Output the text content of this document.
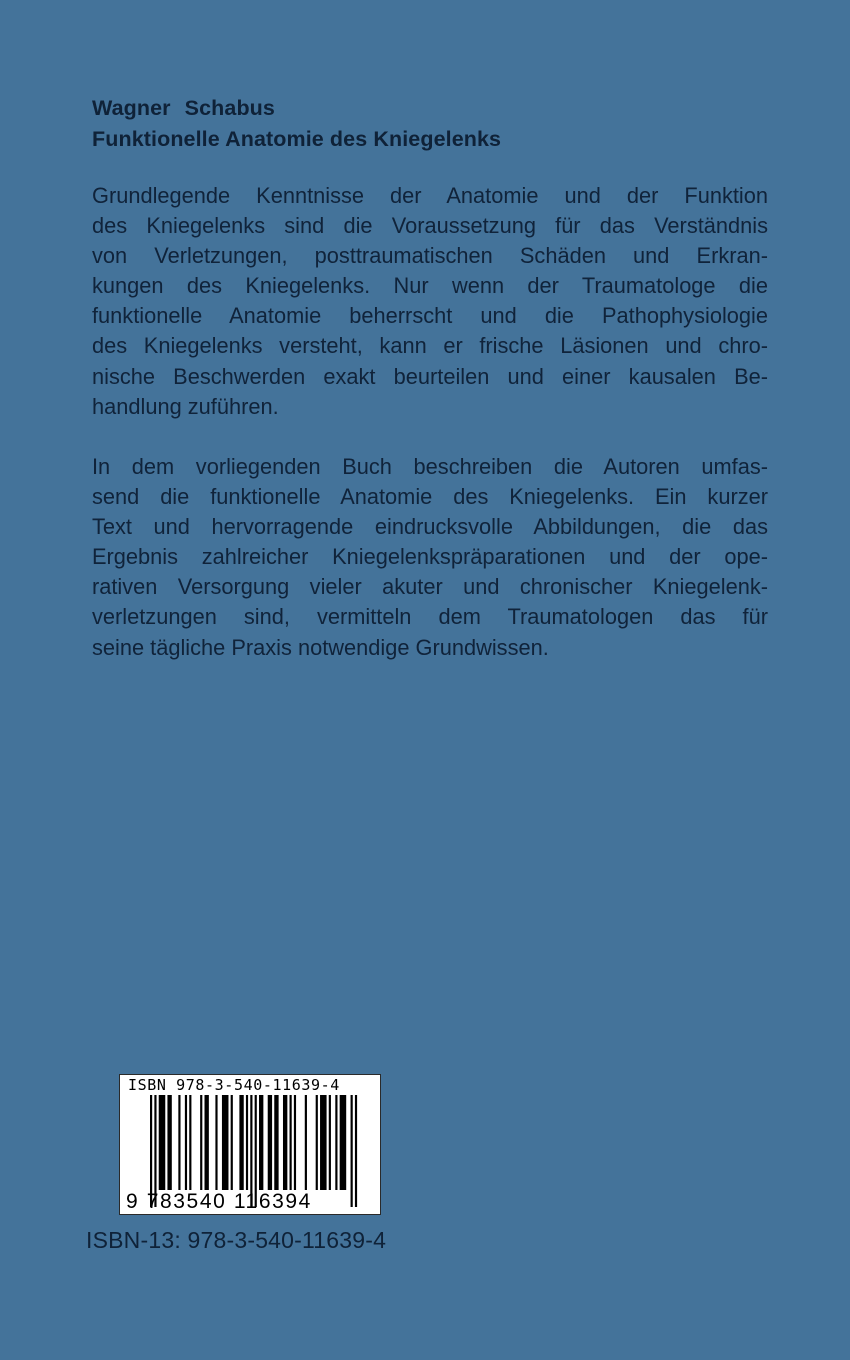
Wagner Schabus
Funktionelle Anatomie des Kniegelenks
Grundlegende Kenntnisse der Anatomie und der Funktion
des Kniegelenks sind die Voraussetzung für das Verständnis
von Verletzungen, posttraumatischen Schäden und Erkran-
kungen des Kniegelenks. Nur wenn der Traumatologe die
funktionelle Anatomie beherrscht und die Pathophysiologie
des Kniegelenks versteht, kann er frische Läsionen und chro-
nische Beschwerden exakt beurteilen und einer kausalen Be-
handlung zuführen.
In dem vorliegenden Buch beschreiben die Autoren umfas-
send die funktionelle Anatomie des Kniegelenks. Ein kurzer
Text und hervorragende eindrucksvolle Abbildungen, die das
Ergebnis zahlreicher Kniegelenkspräparationen und der ope-
rativen Versorgung vieler akuter und chronischer Kniegelenk-
verletzungen sind, vermitteln dem Traumatologen das für
seine tägliche Praxis notwendige Grundwissen.
ISBN 978-3-540-11639-4
9 783540 116394
ISBN-13: 978-3-540-11639-4
